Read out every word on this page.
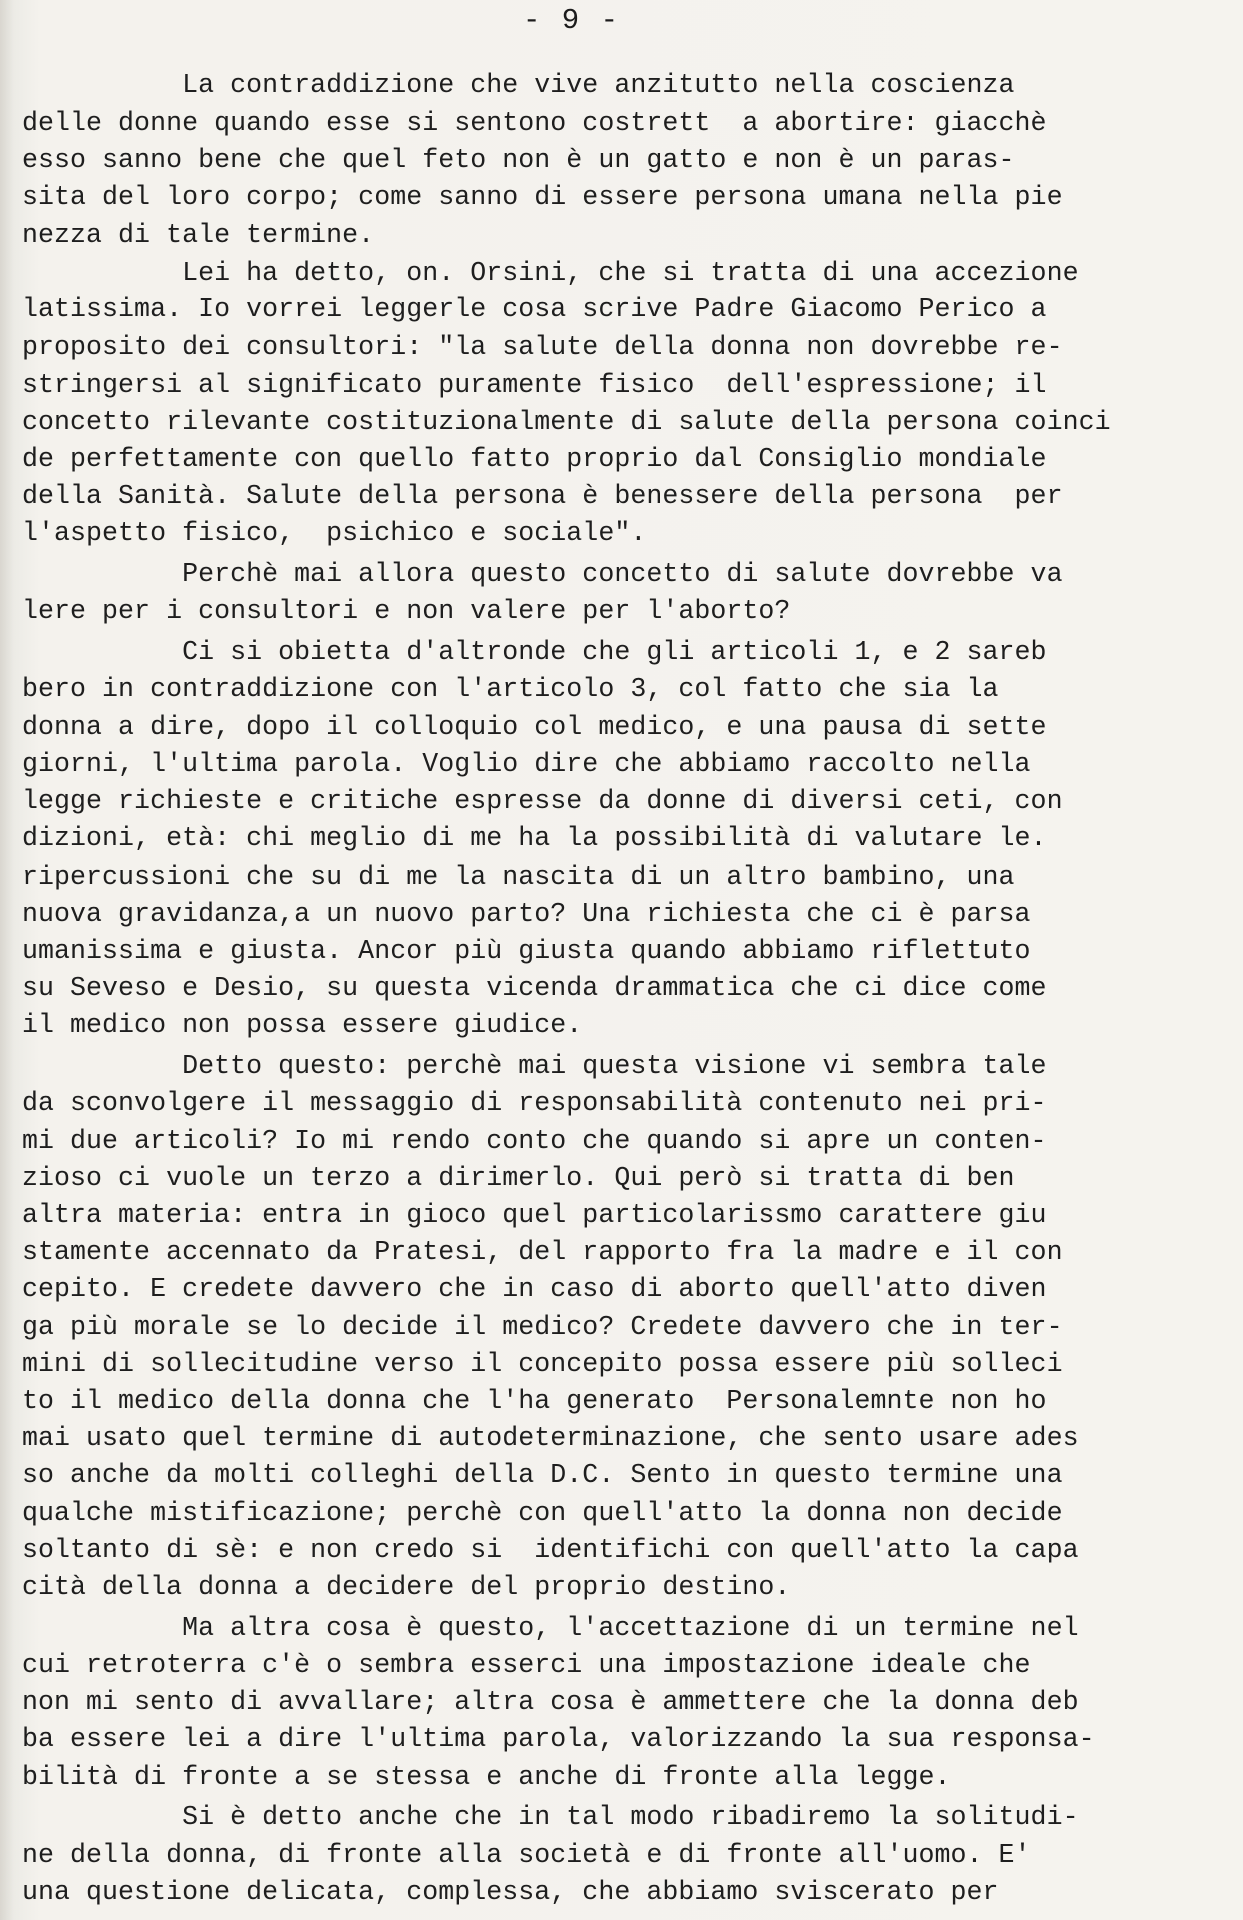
- 9 -
La contraddizione che vive anzitutto nella coscienza
delle donne quando esse si sentono costrett  a abortire: giacchè
esso sanno bene che quel feto non è un gatto e non è un paras-
sita del loro corpo; come sanno di essere persona umana nella pie
nezza di tale termine.
Lei ha detto, on. Orsini, che si tratta di una accezione
latissima. Io vorrei leggerle cosa scrive Padre Giacomo Perico a
proposito dei consultori: "la salute della donna non dovrebbe re-
stringersi al significato puramente fisico  dell'espressione; il
concetto rilevante costituzionalmente di salute della persona coinci
de perfettamente con quello fatto proprio dal Consiglio mondiale
della Sanità. Salute della persona è benessere della persona  per
l'aspetto fisico,  psichico e sociale".
Perchè mai allora questo concetto di salute dovrebbe va
lere per i consultori e non valere per l'aborto?
Ci si obietta d'altronde che gli articoli 1, e 2 sareb
bero in contraddizione con l'articolo 3, col fatto che sia la
donna a dire, dopo il colloquio col medico, e una pausa di sette
giorni, l'ultima parola. Voglio dire che abbiamo raccolto nella
legge richieste e critiche espresse da donne di diversi ceti, con
dizioni, età: chi meglio di me ha la possibilità di valutare le.
ripercussioni che su di me la nascita di un altro bambino, una
nuova gravidanza,a un nuovo parto? Una richiesta che ci è parsa
umanissima e giusta. Ancor più giusta quando abbiamo riflettuto
su Seveso e Desio, su questa vicenda drammatica che ci dice come
il medico non possa essere giudice.
Detto questo: perchè mai questa visione vi sembra tale
da sconvolgere il messaggio di responsabilità contenuto nei pri-
mi due articoli? Io mi rendo conto che quando si apre un conten-
zioso ci vuole un terzo a dirimerlo. Qui però si tratta di ben
altra materia: entra in gioco quel particolarissmo carattere giu
stamente accennato da Pratesi, del rapporto fra la madre e il con
cepito. E credete davvero che in caso di aborto quell'atto diven
ga più morale se lo decide il medico? Credete davvero che in ter-
mini di sollecitudine verso il concepito possa essere più solleci
to il medico della donna che l'ha generato  Personalemnte non ho
mai usato quel termine di autodeterminazione, che sento usare ades
so anche da molti colleghi della D.C. Sento in questo termine una
qualche mistificazione; perchè con quell'atto la donna non decide
soltanto di sè: e non credo si  identifichi con quell'atto la capa
cità della donna a decidere del proprio destino.
Ma altra cosa è questo, l'accettazione di un termine nel
cui retroterra c'è o sembra esserci una impostazione ideale che
non mi sento di avvallare; altra cosa è ammettere che la donna deb
ba essere lei a dire l'ultima parola, valorizzando la sua responsa-
bilità di fronte a se stessa e anche di fronte alla legge.
Si è detto anche che in tal modo ribadiremo la solitudi-
ne della donna, di fronte alla società e di fronte all'uomo. E'
una questione delicata, complessa, che abbiamo sviscerato per
